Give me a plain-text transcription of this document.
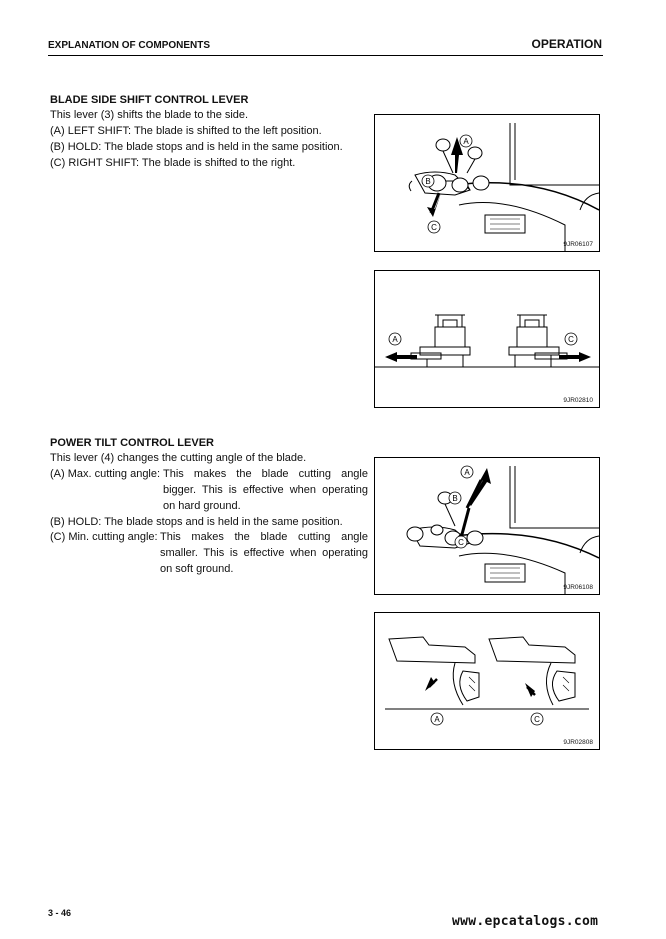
EXPLANATION OF COMPONENTS	OPERATION
BLADE SIDE SHIFT CONTROL LEVER
This lever (3) shifts the blade to the side.
(A) LEFT SHIFT: The blade is shifted to the left position.
(B) HOLD: The blade stops and is held in the same position.
(C) RIGHT SHIFT: The blade is shifted to the right.
POWER TILT CONTROL LEVER
This lever (4) changes the cutting angle of the blade.
(A) Max. cutting angle: This makes the blade cutting angle bigger. This is effective when operating on hard ground.
(B) HOLD: The blade stops and is held in the same position.
(C) Min. cutting angle: This makes the blade cutting angle smaller. This is effective when operating on soft ground.
A
B
C
9JR06107
A	C
9JR02810
A
B
C
9JR06108
A	C
9JR02808
3 - 46
www.epcatalogs.com
